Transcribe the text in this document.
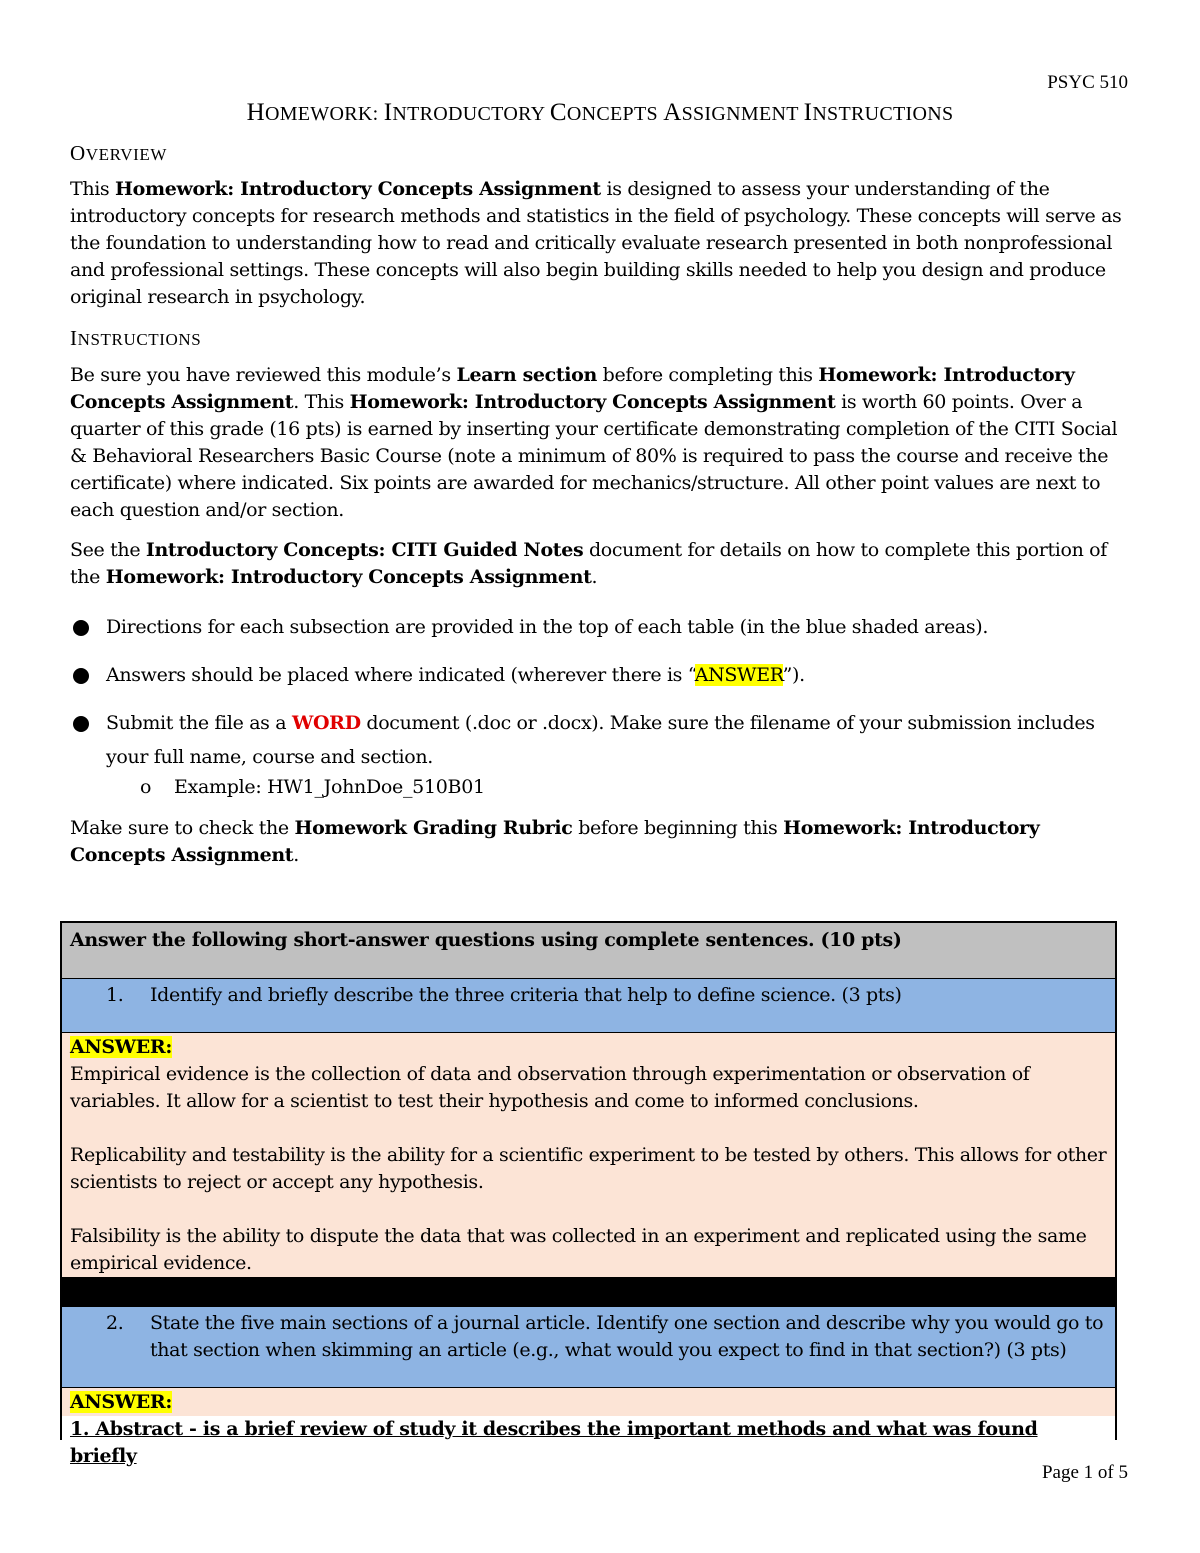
PSYC 510
HOMEWORK: INTRODUCTORY CONCEPTS ASSIGNMENT INSTRUCTIONS
OVERVIEW
This Homework: Introductory Concepts Assignment is designed to assess your understanding of the introductory concepts for research methods and statistics in the field of psychology. These concepts will serve as the foundation to understanding how to read and critically evaluate research presented in both nonprofessional and professional settings. These concepts will also begin building skills needed to help you design and produce original research in psychology.
INSTRUCTIONS
Be sure you have reviewed this module’s Learn section before completing this Homework: Introductory Concepts Assignment. This Homework: Introductory Concepts Assignment is worth 60 points. Over a quarter of this grade (16 pts) is earned by inserting your certificate demonstrating completion of the CITI Social & Behavioral Researchers Basic Course (note a minimum of 80% is required to pass the course and receive the certificate) where indicated. Six points are awarded for mechanics/structure. All other point values are next to each question and/or section.
See the Introductory Concepts: CITI Guided Notes document for details on how to complete this portion of the Homework: Introductory Concepts Assignment.
Directions for each subsection are provided in the top of each table (in the blue shaded areas).
Answers should be placed where indicated (wherever there is “ANSWER”).
Submit the file as a WORD document (.doc or .docx). Make sure the filename of your submission includes your full name, course and section.
o Example: HW1_JohnDoe_510B01
Make sure to check the Homework Grading Rubric before beginning this Homework: Introductory Concepts Assignment.
Answer the following short-answer questions using complete sentences. (10 pts)
1. Identify and briefly describe the three criteria that help to define science. (3 pts)
ANSWER:
Empirical evidence is the collection of data and observation through experimentation or observation of variables. It allow for a scientist to test their hypothesis and come to informed conclusions.
Replicability and testability is the ability for a scientific experiment to be tested by others. This allows for other scientists to reject or accept any hypothesis.
Falsibility is the ability to dispute the data that was collected in an experiment and replicated using the same empirical evidence.
2. State the five main sections of a journal article. Identify one section and describe why you would go to that section when skimming an article (e.g., what would you expect to find in that section?) (3 pts)
ANSWER:
1. Abstract - is a brief review of study it describes the important methods and what was found briefly
Page 1 of 5
